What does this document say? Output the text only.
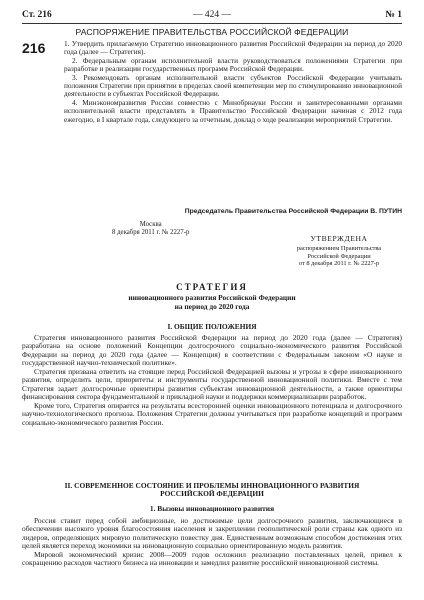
Ст. 216	— 424 —	№ 1
РАСПОРЯЖЕНИЕ ПРАВИТЕЛЬСТВА РОССИЙСКОЙ ФЕДЕРАЦИИ
216	1. Утвердить прилагаемую Стратегию инновационного развития Российской Федерации на период до 2020 года (далее — Стратегия).

2. Федеральным органам исполнительной власти руководствоваться положениями Стратегии при разработке и реализации государственных программ Российской Федерации.

3. Рекомендовать органам исполнительной власти субъектов Российской Федерации учитывать положения Стратегии при принятии в пределах своей компетенции мер по стимулированию инновационной деятельности в субъектах Российской Федерации.

4. Минэкономразвития России совместно с Минобрнауки России и заинтересованными органами исполнительной власти представлять в Правительство Российской Федерации начиная с 2012 года ежегодно, в I квартале года, следующего за отчетным, доклад о ходе реализации мероприятий Стратегии.

Председатель Правительства Российской Федерации В. ПУТИН
Москва
8 декабря 2011 г. № 2227-р
УТВЕРЖДЕНА
распоряжением Правительства
Российской Федерации
от 8 декабря 2011 г. № 2227-р
СТРАТЕГИЯ
инновационного развития Российской Федерации
на период до 2020 года
I. ОБЩИЕ ПОЛОЖЕНИЯ

Стратегия инновационного развития Российской Федерации на период до 2020 года (далее — Стратегия) разработана на основе положений Концепции долгосрочного социально-экономического развития Российской Федерации на период до 2020 года (далее — Концепция) в соответствии с Федеральным законом «О науке и государственной научно-технической политике».

Стратегия призвана ответить на стоящие перед Российской Федерацией вызовы и угрозы в сфере инновационного развития, определить цели, приоритеты и инструменты государственной инновационной политики. Вместе с тем Стратегия задает долгосрочные ориентиры развития субъектам инновационной деятельности, а также ориентиры финансирования сектора фундаментальной и прикладной науки и поддержки коммерциализации разработок.

Кроме того, Стратегия опирается на результаты всесторонней оценки инновационного потенциала и долгосрочного научно-технологического прогноза. Положения Стратегии должны учитываться при разработке концепций и программ социально-экономического развития России.

II. СОВРЕМЕННОЕ СОСТОЯНИЕ И ПРОБЛЕМЫ ИННОВАЦИОННОГО РАЗВИТИЯ
РОССИЙСКОЙ ФЕДЕРАЦИИ
1. Вызовы инновационного развития

Россия ставит перед собой амбициозные, но достижимые цели долгосрочного развития, заключающиеся в обеспечении высокого уровня благосостояния населения и закреплении геополитической роли страны как одного из лидеров, определяющих мировую политическую повестку дня. Единственным возможным способом достижения этих целей является переход экономики на инновационную социально ориентированную модель развития.

Мировой экономический кризис 2008—2009 годов осложнил реализацию поставленных целей, привел к сокращению расходов частного бизнеса на инновации и замедлил развитие российской инновационной системы.
